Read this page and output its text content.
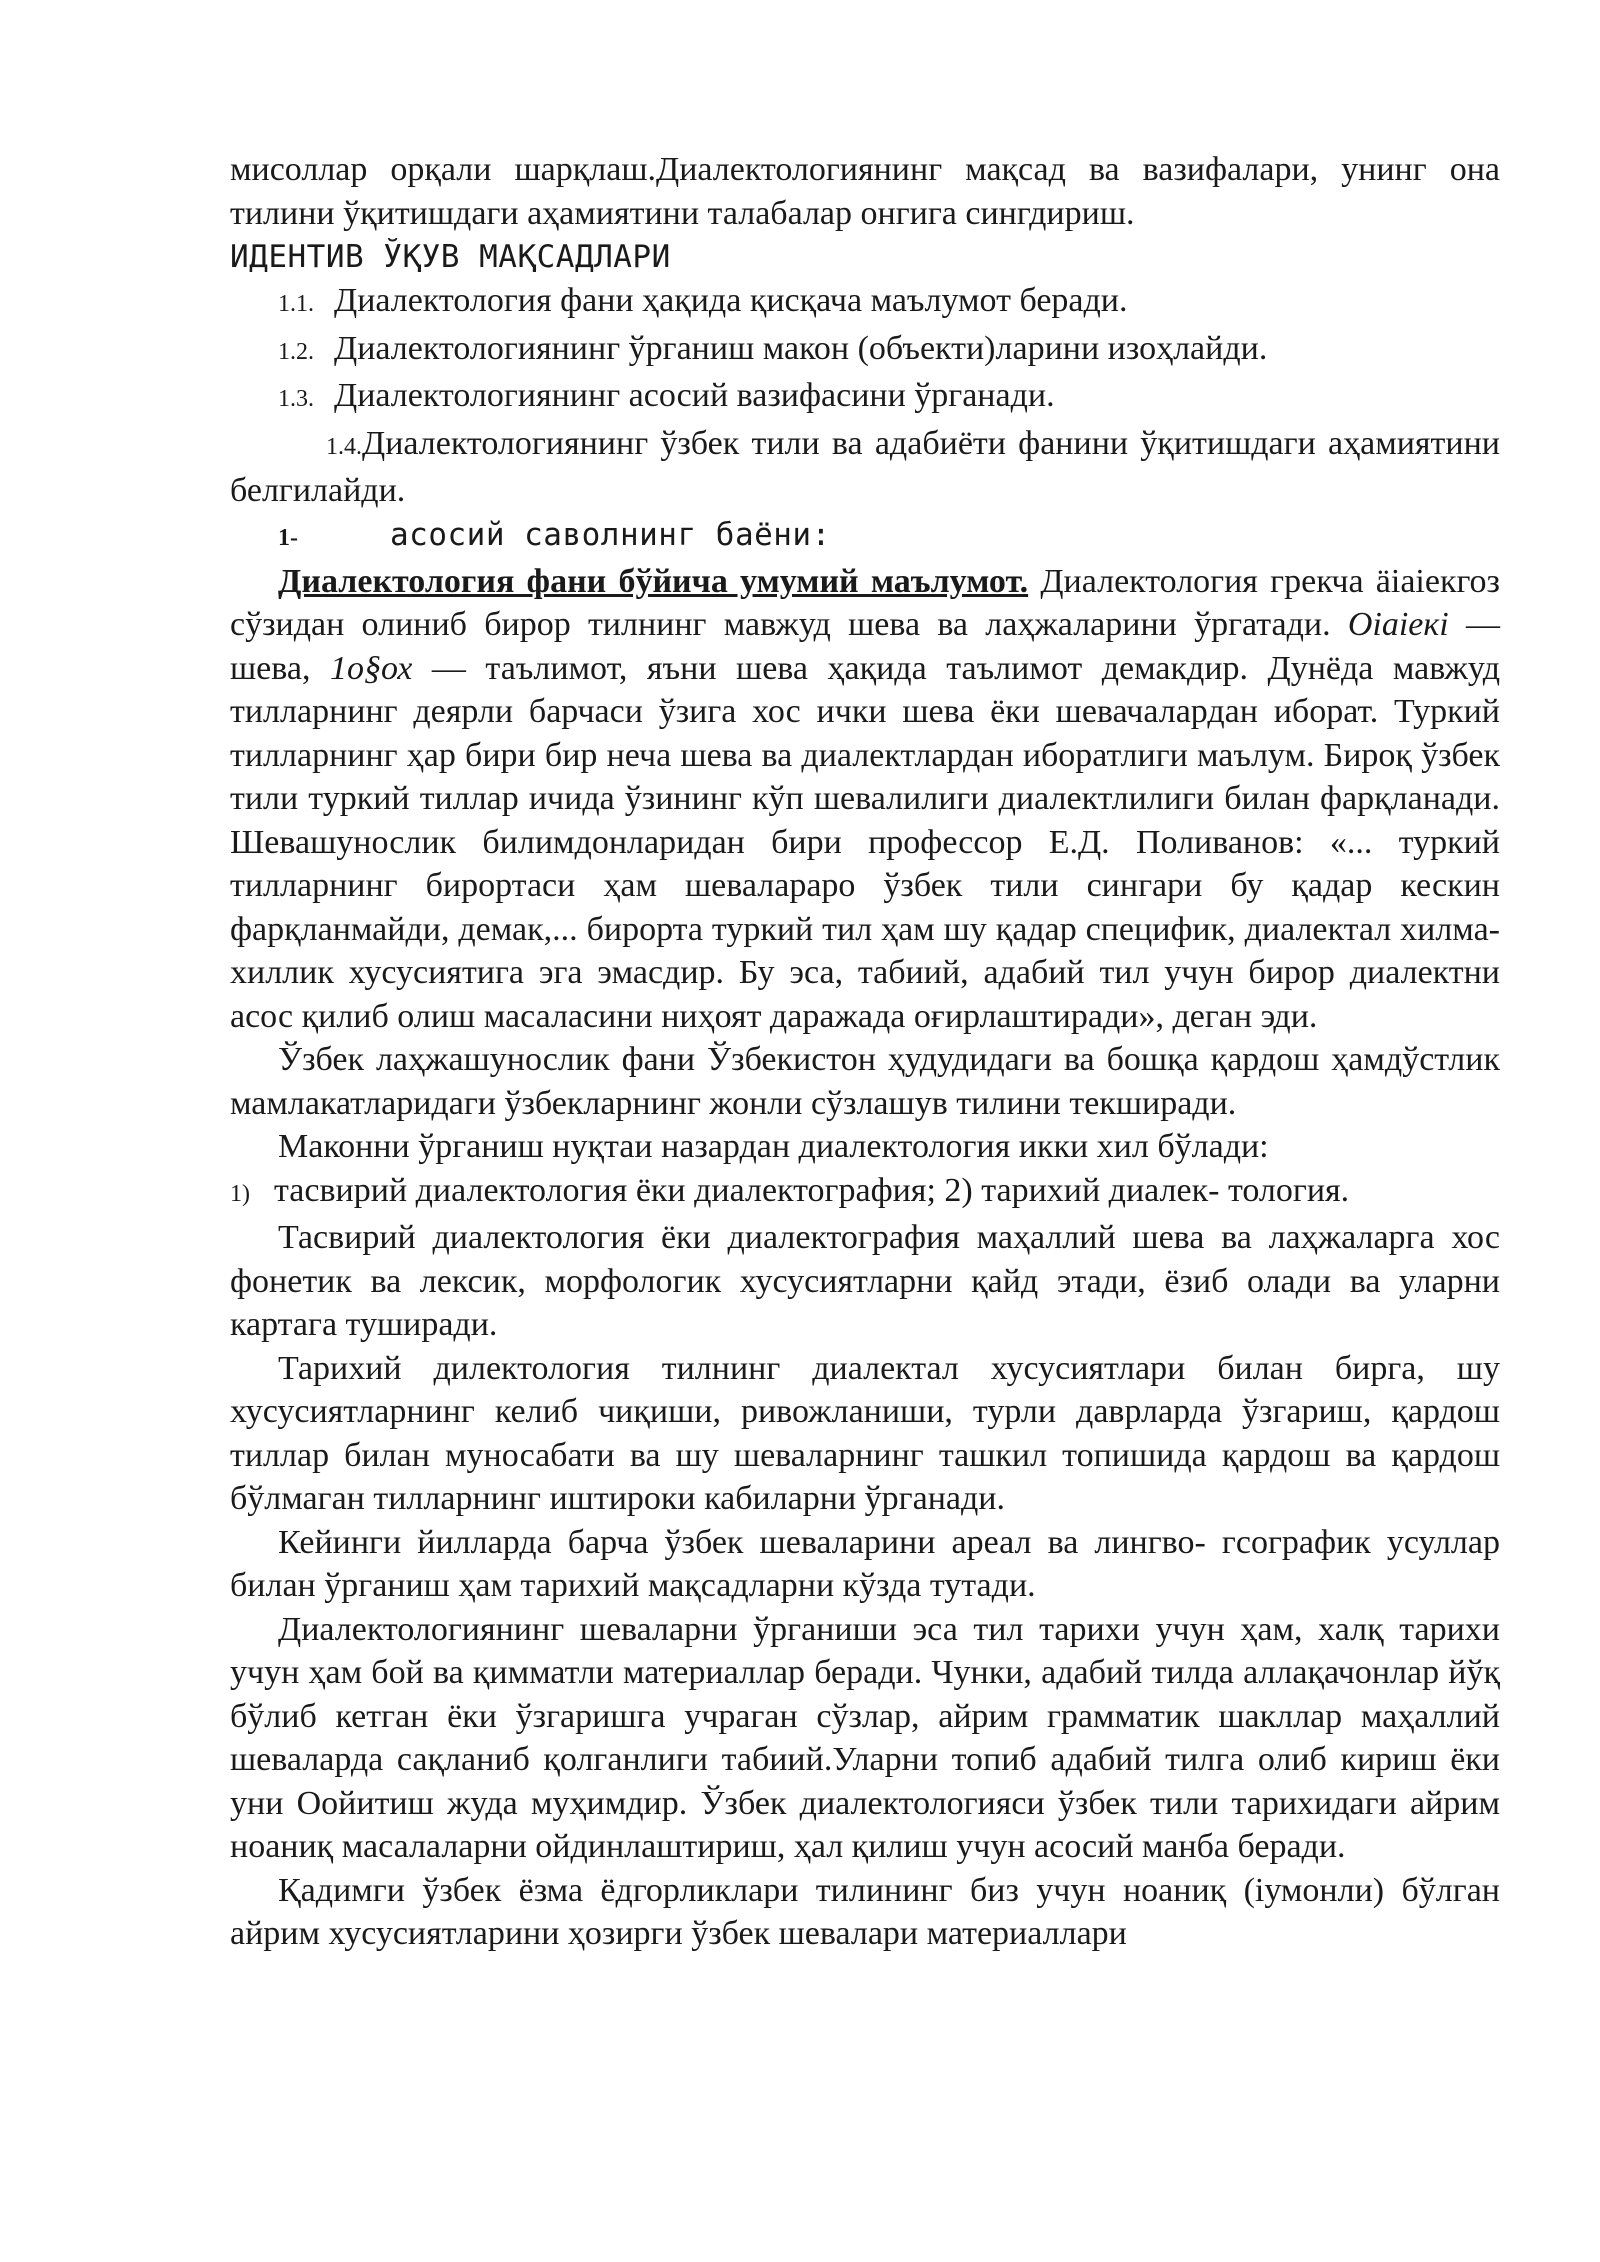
мисоллар орқали шарқлаш.Диалектологиянинг мақсад ва вазифалари, унинг она тилини ўқитишдаги аҳамиятини талабалар онгига сингдириш.

ИДЕНТИВ ЎҚУВ МАҚСАДЛАРИ

1.1. Диалектология фани ҳақида қисқача маълумот беради.

1.2. Диалектологиянинг ўрганиш макон (объекти)ларини изоҳлайди.

1.3. Диалектологиянинг асосий вазифасини ўрганади.

1.4.Диалектологиянинг ўзбек тили ва адабиёти фанини ўқитишдаги аҳамиятини белгилайди.

1-	асосий саволнинг баёни:

Диалектология фани бўйича умумий маълумот. Диалектология грекча äiaiекгоз сўзидан олиниб бирор тилнинг мавжуд шева ва лаҳжаларини ўргатади. Оіаіекі — шева, 1о§ох — таълимот, яъни шева ҳақида таълимот демакдир. Дунёда мавжуд тилларнинг деярли барчаси ўзига хос ички шева ёки шевачалардан иборат. Туркий тилларнинг ҳар бири бир неча шева ва диалектлардан иборатлиги маълум. Бироқ ўзбек тили туркий тиллар ичида ўзининг кўп шевалилиги диалектлилиги билан фарқланади. Шевашунослик билимдонларидан бири профессор Е.Д. Поливанов: «... туркий тилларнинг бирортаси ҳам шеваларaро ўзбек тили сингари бу қадар кескин фарқланмайди, демак,... бирорта туркий тил ҳам шу қадар специфик, диалектал хилма-хиллик хусусиятига эга эмасдир. Бу эса, табиий, адабий тил учун бирор диалектни асос қилиб олиш масаласини ниҳоят даражада оғирлаштиради», деган эди.

Ўзбек лаҳжашунослик фани Ўзбекистон ҳудудидаги ва бошқа қардош ҳамдўстлик мамлакатларидаги ўзбекларнинг жонли сўзлашув тилини текширади.

Маконни ўрганиш нуқтаи назардан диалектология икки хил бўлади:

1) тасвирий диалектология ёки диалектография; 2) тарихий диалек- тология.

Тасвирий диалектология ёки диалектография маҳаллий шева ва лаҳжаларга хос фонетик ва лексик, морфологик хусусиятларни қайд этади, ёзиб олади ва уларни картага туширади.

Тарихий дилектология тилнинг диалектал хусусиятлари билан бирга, шу хусусиятларнинг келиб чиқиши, ривожланиши, турли даврларда ўзгариш, қардош тиллар билан муносабати ва шу шеваларнинг ташкил топишида қардош ва қардош бўлмаган тилларнинг иштироки кабиларни ўрганади.

Кейинги йилларда барча ўзбек шеваларини ареал ва лингво- гсографик усуллар билан ўрганиш ҳам тарихий мақсадларни кўзда тутади.

Диалектологиянинг шеваларни ўрганиши эса тил тарихи учун ҳам, халқ тарихи учун ҳам бой ва қимматли материаллар беради. Чунки, адабий тилда аллақачонлар йўқ бўлиб кетган ёки ўзгаришга учраган сўзлар, айрим грамматик шакллар маҳаллий шеваларда сақланиб қолганлиги табиий.Уларни топиб адабий тилга олиб кириш ёки уни Оойитиш жуда муҳимдир. Ўзбек диалектологияси ўзбек тили тарихидаги айрим ноаниқ масалаларни ойдинлаштириш, ҳал қилиш учун асосий манба беради.

Қадимги ўзбек ёзма ёдгорликлари тилининг биз учун ноаниқ (іумонли) бўлган айрим хусусиятларини ҳозирги ўзбек шевалари материаллари
